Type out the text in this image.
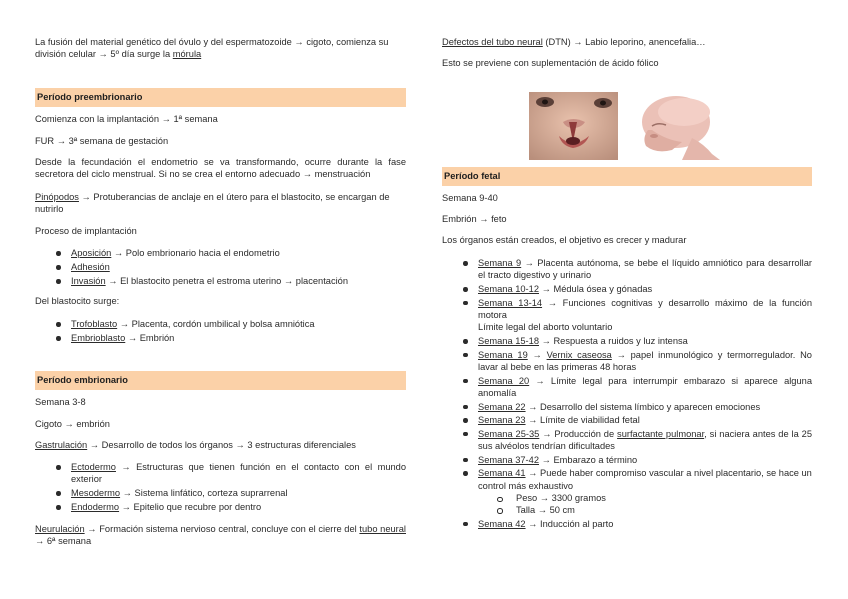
La fusión del material genético del óvulo y del espermatozoide → cigoto, comienza su división celular → 5º día surge la mórula

Período preembrionario

Comienza con la implantación → 1ª semana

FUR → 3ª semana de gestación

Desde la fecundación el endometrio se va transformando, ocurre durante la fase secretora del ciclo menstrual. Si no se crea el entorno adecuado → menstruación

Pinópodos → Protuberancias de anclaje en el útero para el blastocito, se encargan de nutrirlo

Proceso de implantación

Aposición → Polo embrionario hacia el endometrio
Adhesión
Invasión → El blastocito penetra el estroma uterino → placentación

Del blastocito surge:

Trofoblasto → Placenta, cordón umbilical y bolsa amniótica
Embrioblasto → Embrión
Período embrionario

Semana 3-8

Cigoto → embrión

Gastrulación → Desarrollo de todos los órganos → 3 estructuras diferenciales

Ectodermo → Estructuras que tienen función en el contacto con el mundo exterior
Mesodermo → Sistema linfático, corteza suprarrenal
Endodermo → Epitelio que recubre por dentro

Neurulación → Formación sistema nervioso central, concluye con el cierre del tubo neural → 6ª semana

Defectos del tubo neural (DTN) → Labio leporino, anencefalia…

Esto se previene con suplementación de ácido fólico

Período fetal

Semana 9-40

Embrión → feto

Los órganos están creados, el objetivo es crecer y madurar

Semana 9 → Placenta autónoma, se bebe el líquido amniótico para desarrollar el tracto digestivo y urinario
Semana 10-12 → Médula ósea y gónadas
Semana 13-14 → Funciones cognitivas y desarrollo máximo de la función motora
Límite legal del aborto voluntario
Semana 15-18 → Respuesta a ruidos y luz intensa
Semana 19 → Vernix caseosa → papel inmunológico y termorregulador. No lavar al bebe en las primeras 48 horas
Semana 20 → Límite legal para interrumpir embarazo si aparece alguna anomalía
Semana 22 → Desarrollo del sistema límbico y aparecen emociones
Semana 23 → Límite de viabilidad fetal
Semana 25-35 → Producción de surfactante pulmonar, si naciera antes de la 25 sus alvéolos tendrían dificultades
Semana 37-42 → Embarazo a término
Semana 41 → Puede haber compromiso vascular a nivel placentario, se hace un control más exhaustivo
Peso → 3300 gramos
Talla → 50 cm
Semana 42 → Inducción al parto
